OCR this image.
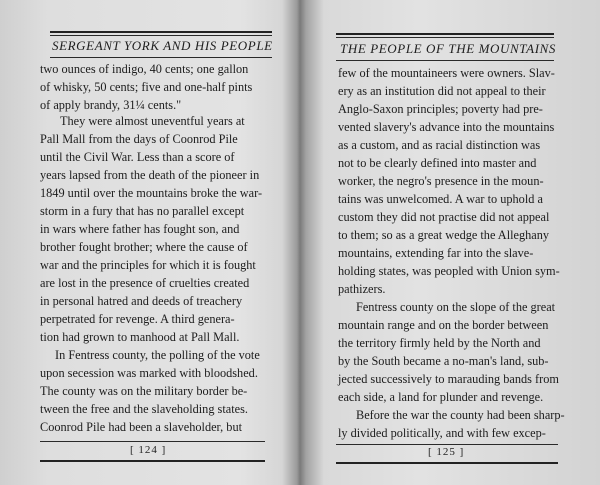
SERGEANT YORK AND HIS PEOPLE
two ounces of indigo, 40 cents; one gallon
of whisky, 50 cents; five and one-half pints
of apply brandy, 31¼ cents."
They were almost uneventful years at
Pall Mall from the days of Coonrod Pile
until the Civil War. Less than a score of
years lapsed from the death of the pioneer in
1849 until over the mountains broke the war-
storm in a fury that has no parallel except
in wars where father has fought son, and
brother fought brother; where the cause of
war and the principles for which it is fought
are lost in the presence of cruelties created
in personal hatred and deeds of treachery
perpetrated for revenge. A third genera-
tion had grown to manhood at Pall Mall.
In Fentress county, the polling of the vote
upon secession was marked with bloodshed.
The county was on the military border be-
tween the free and the slaveholding states.
Coonrod Pile had been a slaveholder, but
[ 124 ]
THE PEOPLE OF THE MOUNTAINS
few of the mountaineers were owners. Slav-
ery as an institution did not appeal to their
Anglo-Saxon principles; poverty had pre-
vented slavery's advance into the mountains
as a custom, and as racial distinction was
not to be clearly defined into master and
worker, the negro's presence in the moun-
tains was unwelcomed. A war to uphold a
custom they did not practise did not appeal
to them; so as a great wedge the Alleghany
mountains, extending far into the slave-
holding states, was peopled with Union sym-
pathizers.
Fentress county on the slope of the great
mountain range and on the border between
the territory firmly held by the North and
by the South became a no-man's land, sub-
jected successively to marauding bands from
each side, a land for plunder and revenge.
Before the war the county had been sharp-
ly divided politically, and with few excep-
[ 125 ]
